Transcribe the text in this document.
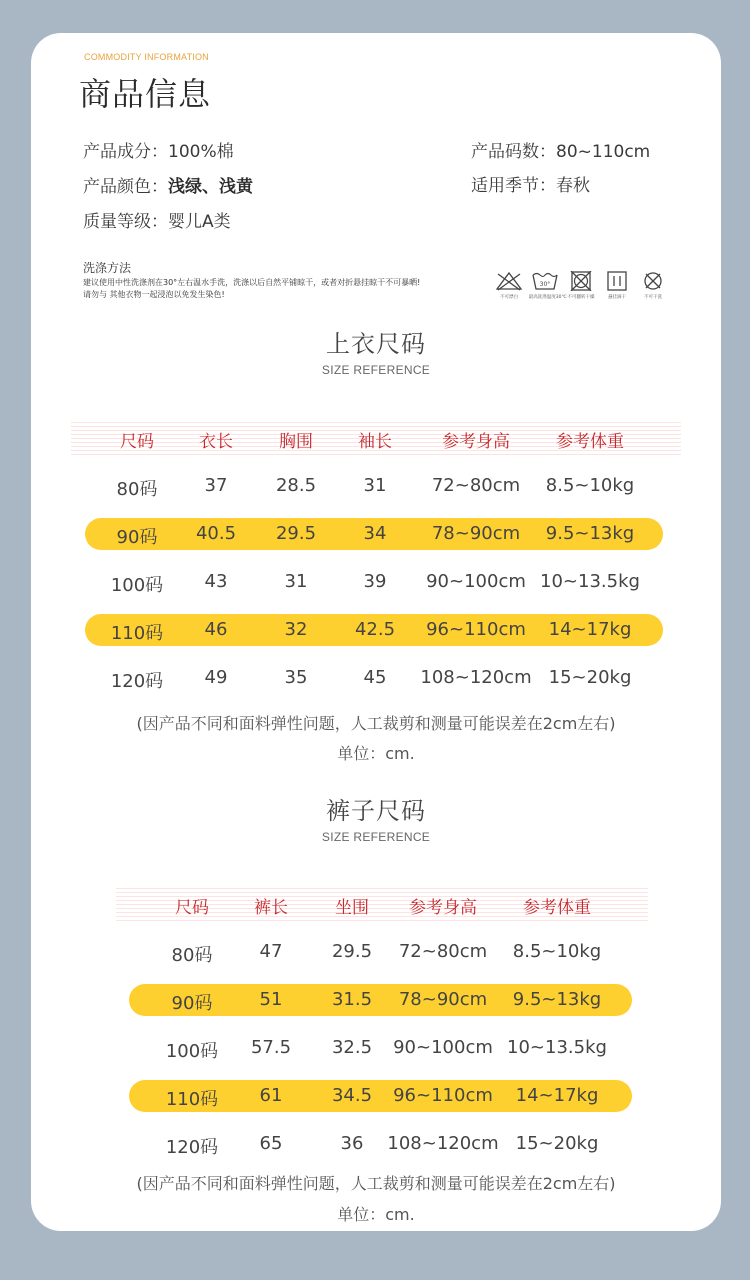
COMMODITY INFORMATION
商品信息
产品成分：100%棉
产品颜色：浅绿、浅黄
质量等级：婴儿A类
产品码数：80~110cm
适用季节：春秋
洗涤方法
建议使用中性洗涤剂在30°左右温水手洗，洗涤以后自然平铺晾干，或者对折悬挂晾干不可暴晒!
请勿与 其他衣物一起浸泡以免发生染色!	不可漂白
30°
最高洗涤温度30℃ 不可翻转干燥	悬挂滴干	不可干洗
上衣尺码
SIZE REFERENCE
尺码	衣长	胸围	袖长	参考身高	参考体重
80码	37	28.5	31	72~80cm	8.5~10kg
90码	40.5	29.5	34	78~90cm	9.5~13kg
100码	43	31	39	90~100cm 10~13.5kg
110码	46	32	42.5	96~110cm	14~17kg
120码	49	35	45	108~120cm 15~20kg
(因产品不同和面料弹性问题，人工裁剪和测量可能误差在2cm左右)
单位：cm.
裤子尺码
SIZE REFERENCE
尺码	裤长	坐围	参考身高	参考体重
80码	47	29.5	72~80cm	8.5~10kg
90码	51	31.5	78~90cm	9.5~13kg
100码	57.5	32.5	90~100cm 10~13.5kg
110码	61	34.5	96~110cm	14~17kg
120码	65	36	108~120cm 15~20kg
(因产品不同和面料弹性问题，人工裁剪和测量可能误差在2cm左右)
单位：cm.
